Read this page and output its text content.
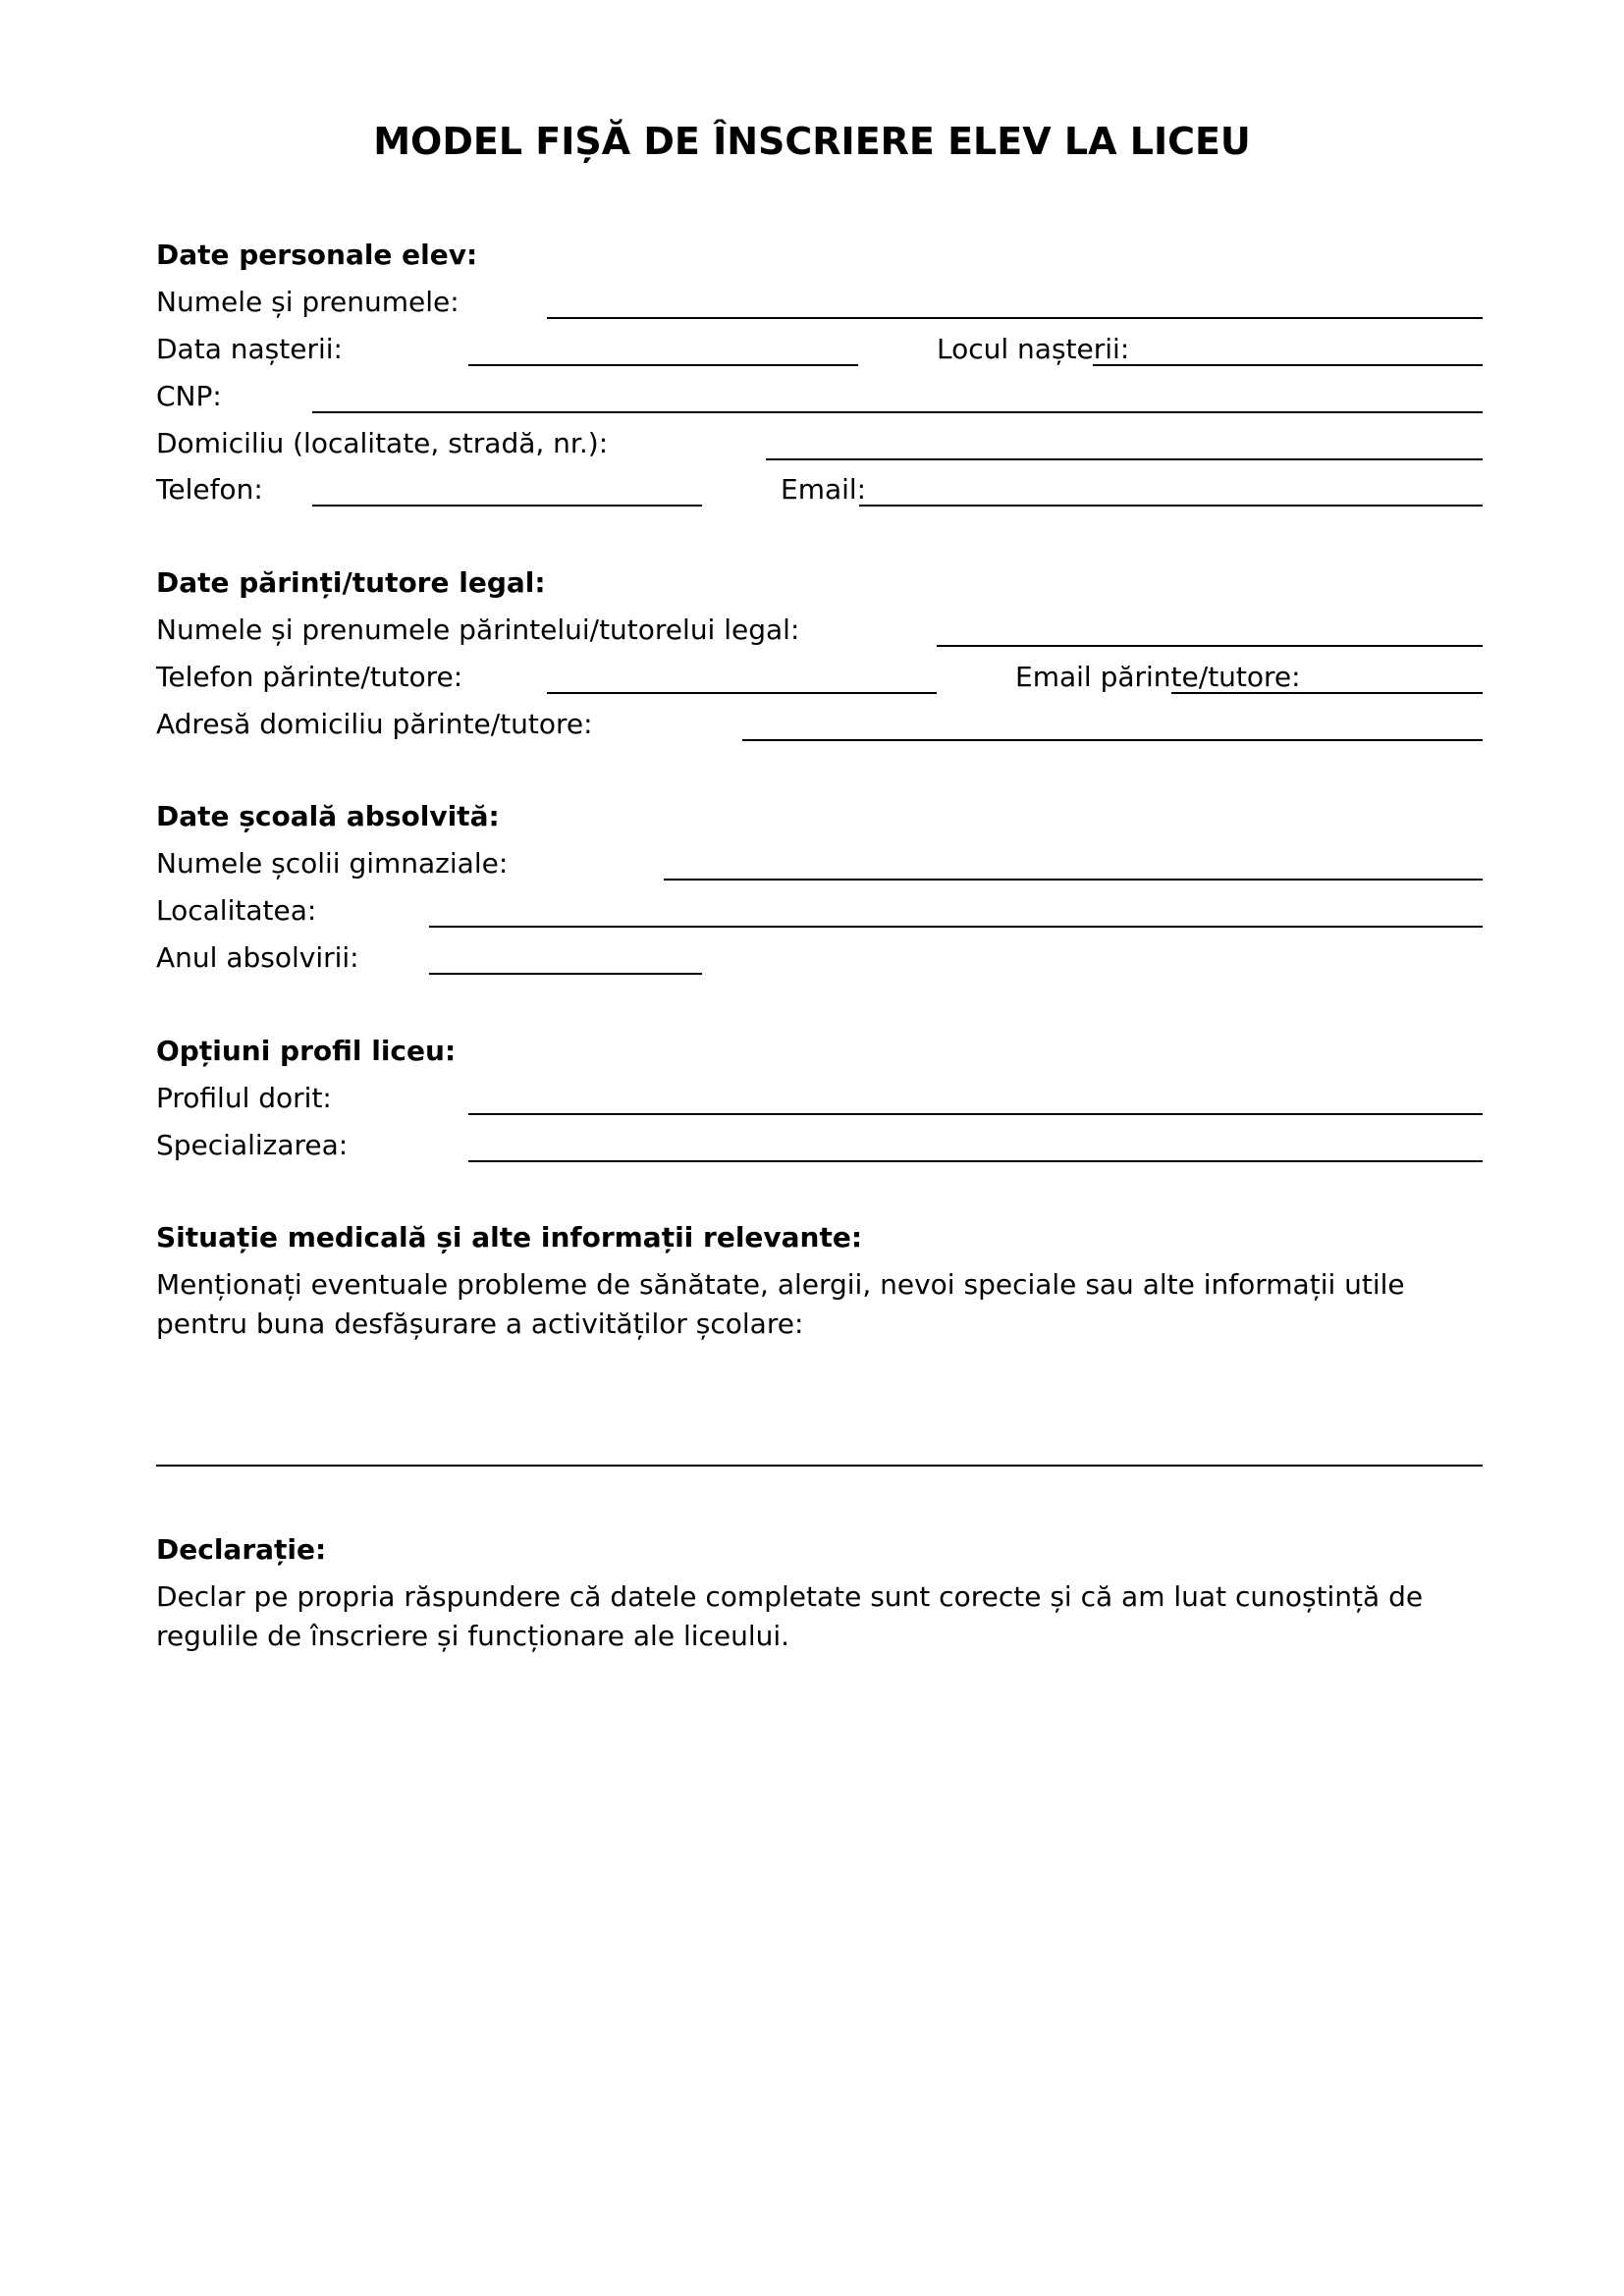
MODEL FIȘĂ DE ÎNSCRIERE ELEV LA LICEU
Date personale elev:
Numele și prenumele:
Data nașterii:	Locul nașterii:
CNP:
Domiciliu (localitate, stradă, nr.):
Telefon:	Email:
Date părinți/tutore legal:
Numele și prenumele părintelui/tutorelui legal:
Telefon părinte/tutore:	Email părinte/tutore:
Adresă domiciliu părinte/tutore:
Date școală absolvită:
Numele școlii gimnaziale:
Localitatea:
Anul absolvirii:
Opțiuni profil liceu:
Profilul dorit:
Specializarea:
Situație medicală și alte informații relevante:
Menționați eventuale probleme de sănătate, alergii, nevoi speciale sau alte informații utile pentru buna desfășurare a activităților școlare:
Declarație:
Declar pe propria răspundere că datele completate sunt corecte și că am luat cunoștință de regulile de înscriere și funcționare ale liceului.
